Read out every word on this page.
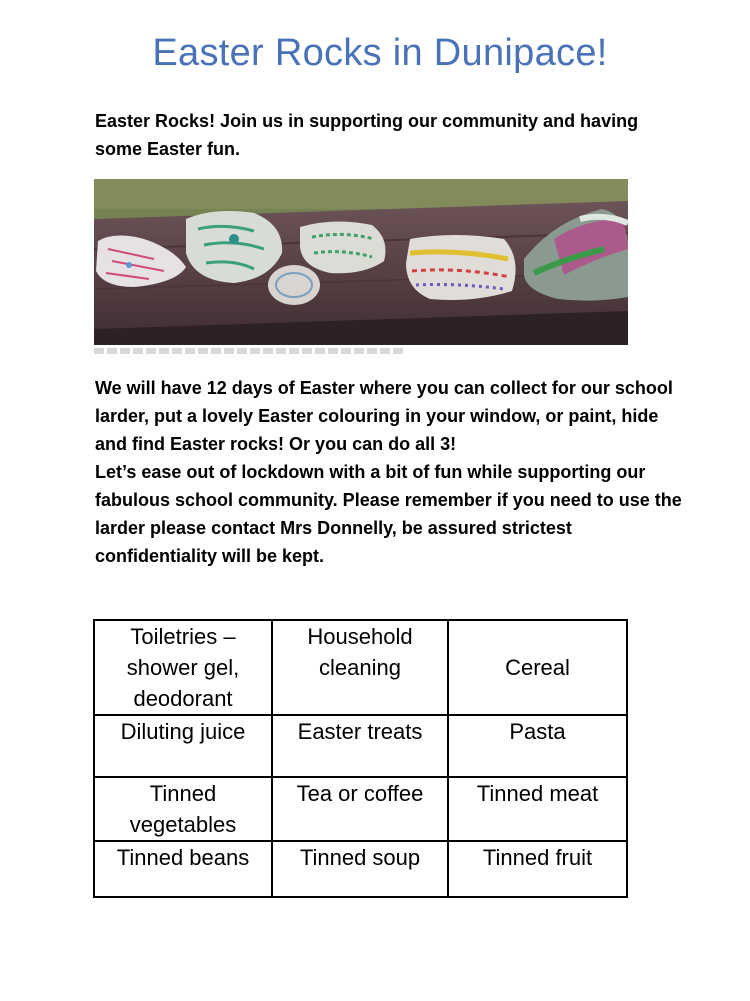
Easter Rocks in Dunipace!
Easter Rocks! Join us in supporting our community and having some Easter fun.

We will have 12 days of Easter where you can collect for our school larder, put a lovely Easter colouring in your window, or paint, hide and find Easter rocks! Or you can do all 3!

Let’s ease out of lockdown with a bit of fun while supporting our fabulous school community. Please remember if you need to use the larder please contact Mrs Donnelly, be assured strictest confidentiality will be kept.

Toiletries – shower gel, deodorant	Household cleaning	Cereal
Diluting juice	Easter treats	Pasta
Tinned vegetables	Tea or coffee	Tinned meat
Tinned beans	Tinned soup	Tinned fruit
